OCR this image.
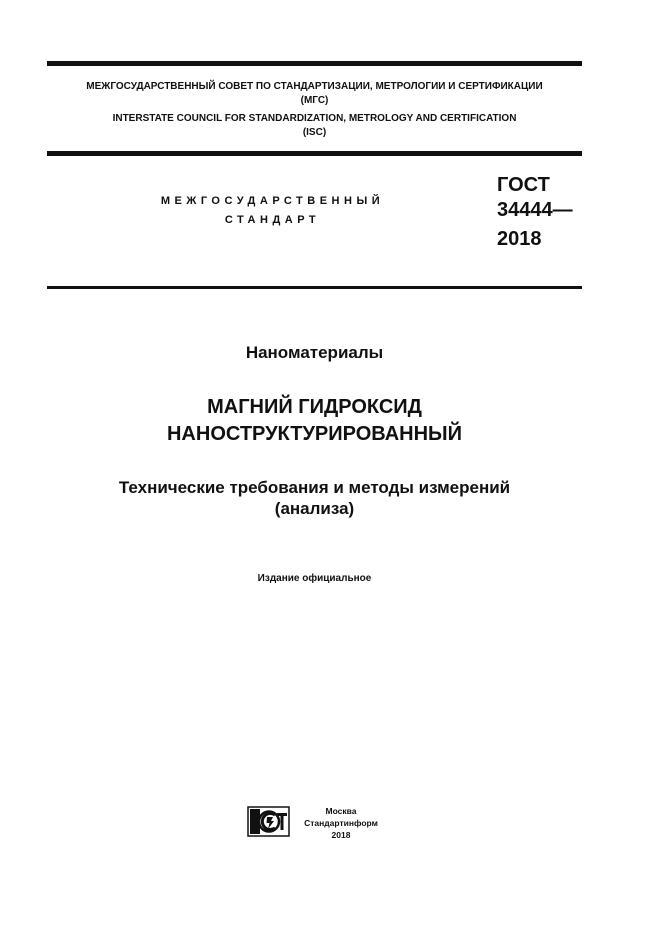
МЕЖГОСУДАРСТВЕННЫЙ СОВЕТ ПО СТАНДАРТИЗАЦИИ, МЕТРОЛОГИИ И СЕРТИФИКАЦИИ
(МГС)
INTERSTATE COUNCIL FOR STANDARDIZATION, METROLOGY AND CERTIFICATION
(ISC)
МЕЖГОСУДАРСТВЕННЫЙ
СТАНДАРТ
ГОСТ
34444—
2018
Наноматериалы
МАГНИЙ ГИДРОКСИД
НАНОСТРУКТУРИРОВАННЫЙ
Технические требования и методы измерений
(анализа)
Издание официальное
Москва
Стандартинформ
2018
